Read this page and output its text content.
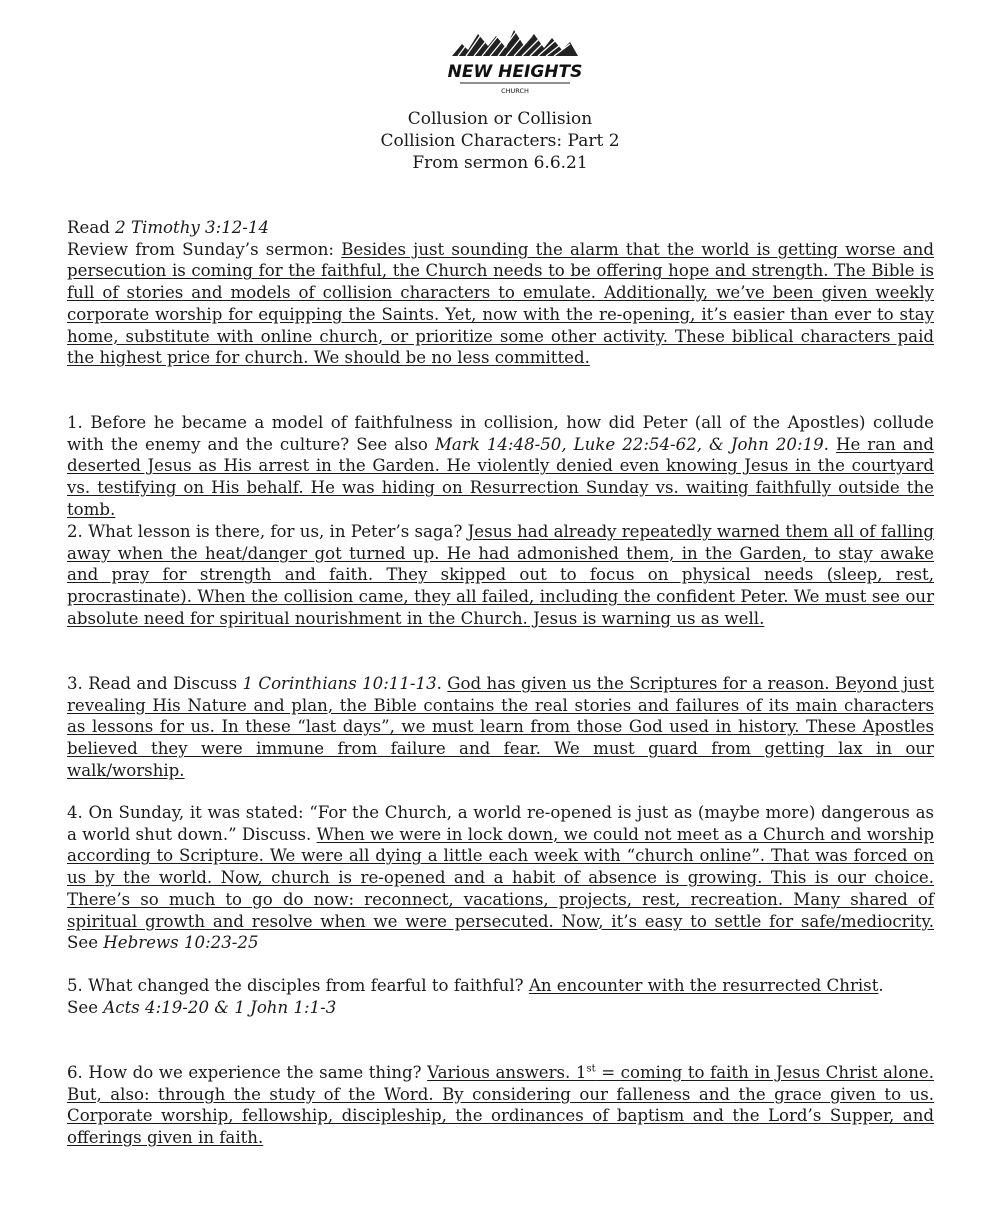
NEW HEIGHTS
CHURCH
Collusion or Collision
Collision Characters: Part 2
From sermon 6.6.21
Read 2 Timothy 3:12-14
Review from Sunday’s sermon: Besides just sounding the alarm that the world is getting worse and persecution is coming for the faithful, the Church needs to be offering hope and strength. The Bible is full of stories and models of collision characters to emulate. Additionally, we’ve been given weekly corporate worship for equipping the Saints. Yet, now with the re-opening, it’s easier than ever to stay home, substitute with online church, or prioritize some other activity. These biblical characters paid the highest price for church. We should be no less committed.
1. Before he became a model of faithfulness in collision, how did Peter (all of the Apostles) collude with the enemy and the culture? See also Mark 14:48-50, Luke 22:54-62, & John 20:19. He ran and deserted Jesus as His arrest in the Garden. He violently denied even knowing Jesus in the courtyard vs. testifying on His behalf. He was hiding on Resurrection Sunday vs. waiting faithfully outside the tomb.
2. What lesson is there, for us, in Peter’s saga? Jesus had already repeatedly warned them all of falling away when the heat/danger got turned up. He had admonished them, in the Garden, to stay awake and pray for strength and faith. They skipped out to focus on physical needs (sleep, rest, procrastinate). When the collision came, they all failed, including the confident Peter. We must see our absolute need for spiritual nourishment in the Church. Jesus is warning us as well.
3. Read and Discuss 1 Corinthians 10:11-13. God has given us the Scriptures for a reason. Beyond just revealing His Nature and plan, the Bible contains the real stories and failures of its main characters as lessons for us. In these “last days”, we must learn from those God used in history. These Apostles believed they were immune from failure and fear. We must guard from getting lax in our walk/worship.
4. On Sunday, it was stated: “For the Church, a world re-opened is just as (maybe more) dangerous as a world shut down.” Discuss. When we were in lock down, we could not meet as a Church and worship according to Scripture. We were all dying a little each week with “church online”. That was forced on us by the world. Now, church is re-opened and a habit of absence is growing. This is our choice. There’s so much to go do now: reconnect, vacations, projects, rest, recreation. Many shared of spiritual growth and resolve when we were persecuted. Now, it’s easy to settle for safe/mediocrity. See Hebrews 10:23-25
5. What changed the disciples from fearful to faithful? An encounter with the resurrected Christ.
See Acts 4:19-20 & 1 John 1:1-3
6. How do we experience the same thing? Various answers. 1st = coming to faith in Jesus Christ alone. But, also: through the study of the Word. By considering our falleness and the grace given to us. Corporate worship, fellowship, discipleship, the ordinances of baptism and the Lord’s Supper, and offerings given in faith.
